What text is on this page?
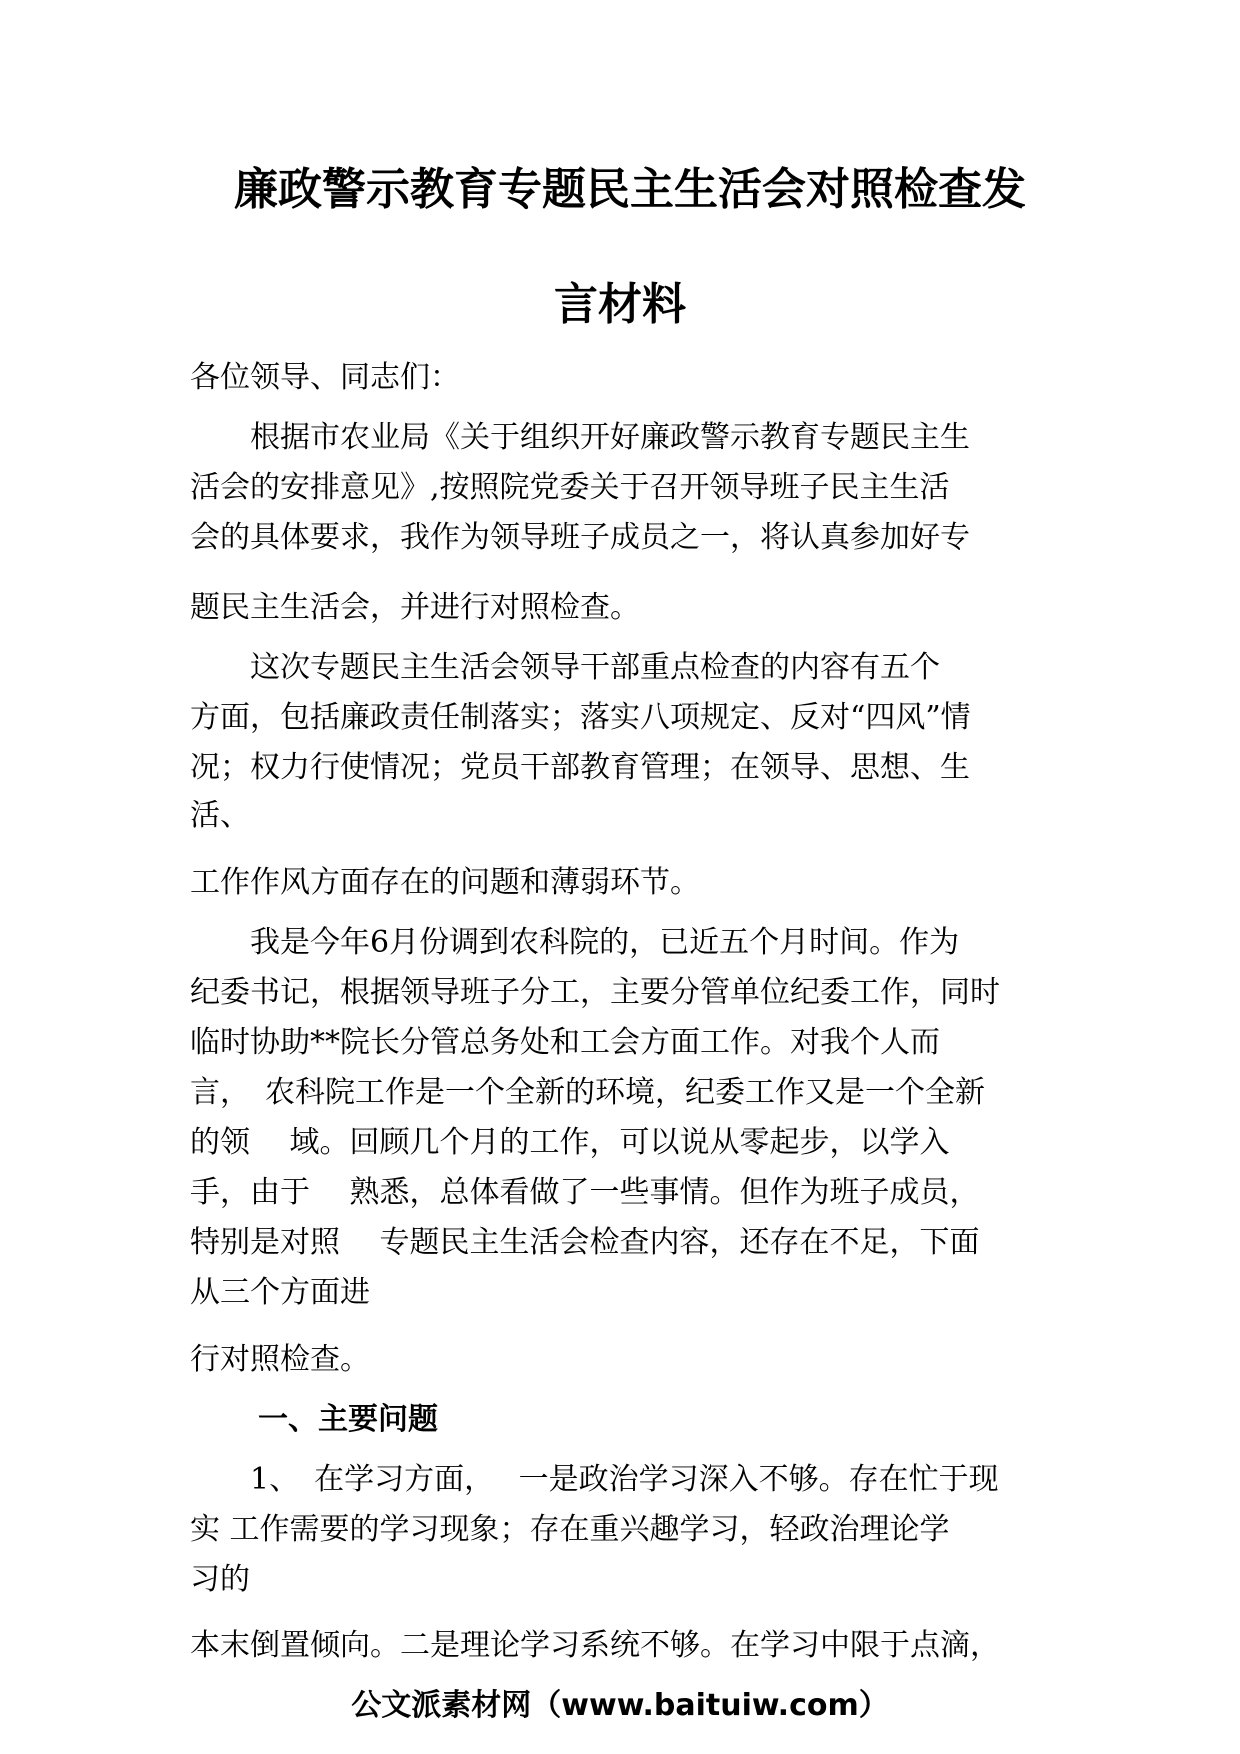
廉政警示教育专题民主生活会对照检查发
言材料
各位领导、同志们：
　　根据市农业局《关于组织开好廉政警示教育专题民主生
活会的安排意见》,按照院党委关于召开领导班子民主生活
会的具体要求，我作为领导班子成员之一，将认真参加好专
题民主生活会，并进行对照检查。
　　这次专题民主生活会领导干部重点检查的内容有五个
方面，包括廉政责任制落实；落实八项规定、反对“四风”情
况；权力行使情况；党员干部教育管理；在领导、思想、生
活、
工作作风方面存在的问题和薄弱环节。
　　我是今年6月份调到农科院的，已近五个月时间。作为
纪委书记，根据领导班子分工，主要分管单位纪委工作，同时
临时协助**院长分管总务处和工会方面工作。对我个人而
言，　农科院工作是一个全新的环境，纪委工作又是一个全新
的领　 域。回顾几个月的工作，可以说从零起步，以学入
手，由于　 熟悉，总体看做了一些事情。但作为班子成员，
特别是对照　 专题民主生活会检查内容，还存在不足，下面
从三个方面进
行对照检查。
一、主要问题
　　1、　在学习方面，　 一是政治学习深入不够。存在忙于现
实 工作需要的学习现象；存在重兴趣学习，轻政治理论学
习的
本末倒置倾向。二是理论学习系统不够。在学习中限于点滴，
公文派素材网（www.baituiw.com）
